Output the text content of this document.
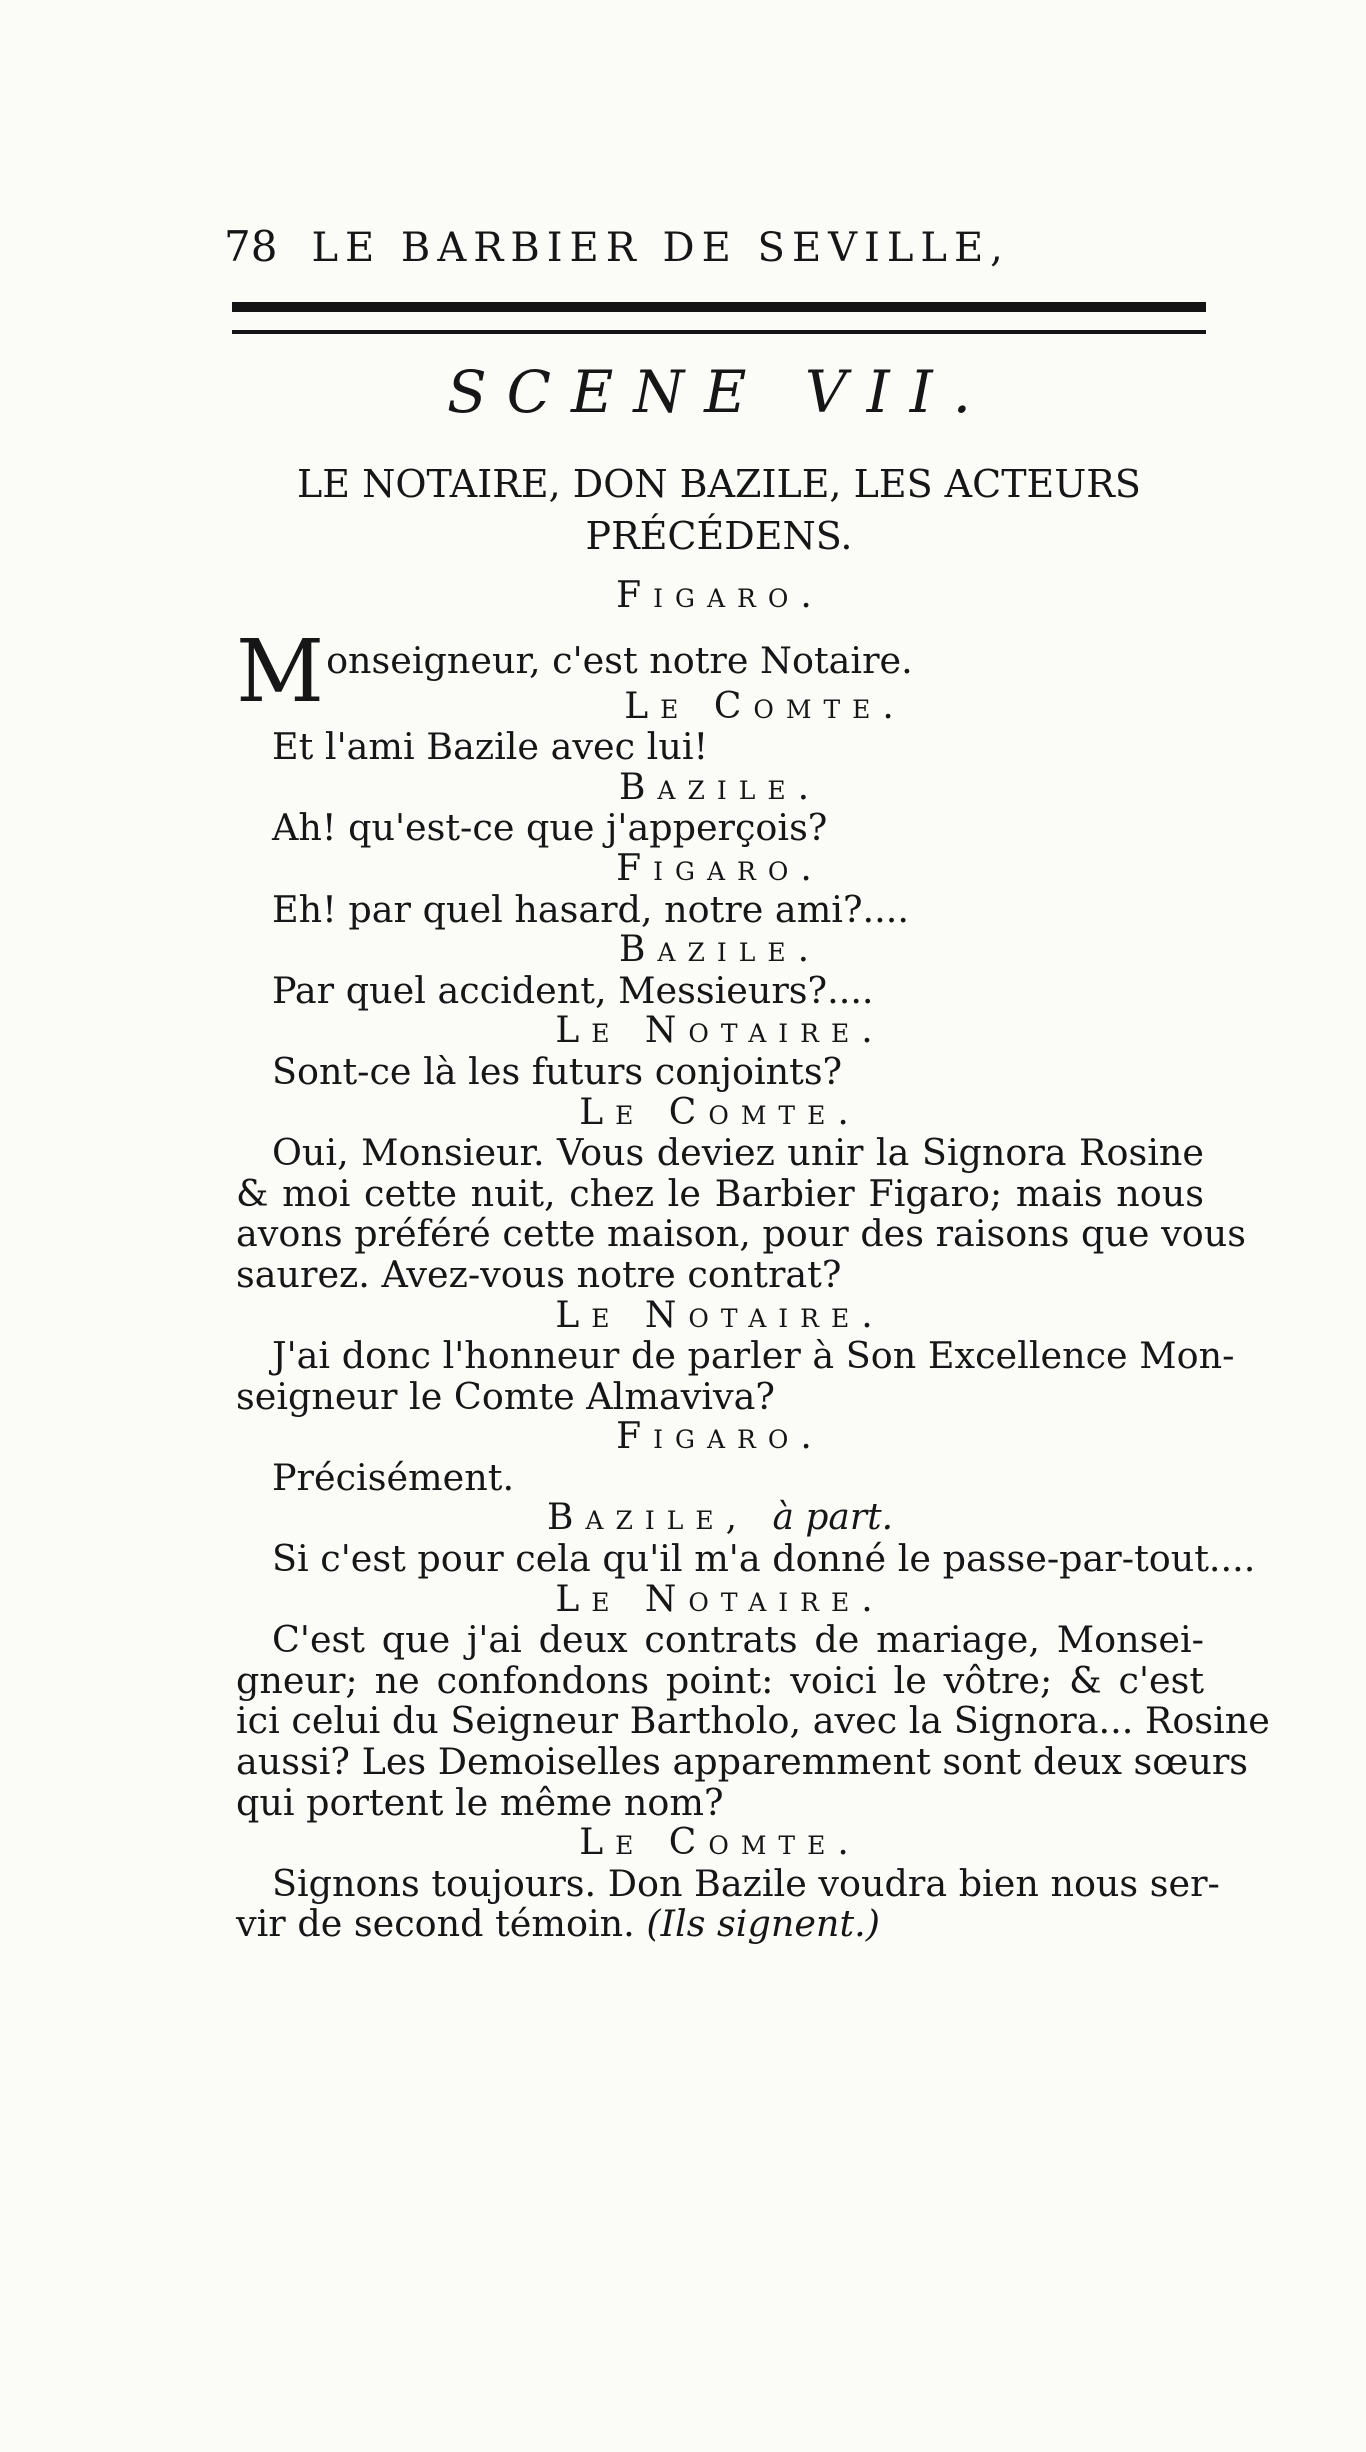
78 LE BARBIER DE SEVILLE,
SCENE VII.
LE NOTAIRE, DON BAZILE, LES ACTEURS
PRÉCÉDENS.
Figaro.
Monseigneur, c'est notre Notaire.
Le Comte.
Et l'ami Bazile avec lui!
Bazile.
Ah! qu'est-ce que j'apperçois?
Figaro.
Eh! par quel hasard, notre ami?....
Bazile.
Par quel accident, Messieurs?....
Le Notaire.
Sont-ce là les futurs conjoints?
Le Comte.
Oui, Monsieur. Vous deviez unir la Signora Rosine
& moi cette nuit, chez le Barbier Figaro; mais nous
avons préféré cette maison, pour des raisons que vous
saurez. Avez-vous notre contrat?
Le Notaire.
J'ai donc l'honneur de parler à Son Excellence Mon-
seigneur le Comte Almaviva?
Figaro.
Précisément.
Bazile, à part.
Si c'est pour cela qu'il m'a donné le passe-par-tout....
Le Notaire.
C'est que j'ai deux contrats de mariage, Monsei-
gneur; ne confondons point: voici le vôtre; & c'est
ici celui du Seigneur Bartholo, avec la Signora... Rosine
aussi? Les Demoiselles apparemment sont deux sœurs
qui portent le même nom?
Le Comte.
Signons toujours. Don Bazile voudra bien nous ser-
vir de second témoin. (Ils signent.)
